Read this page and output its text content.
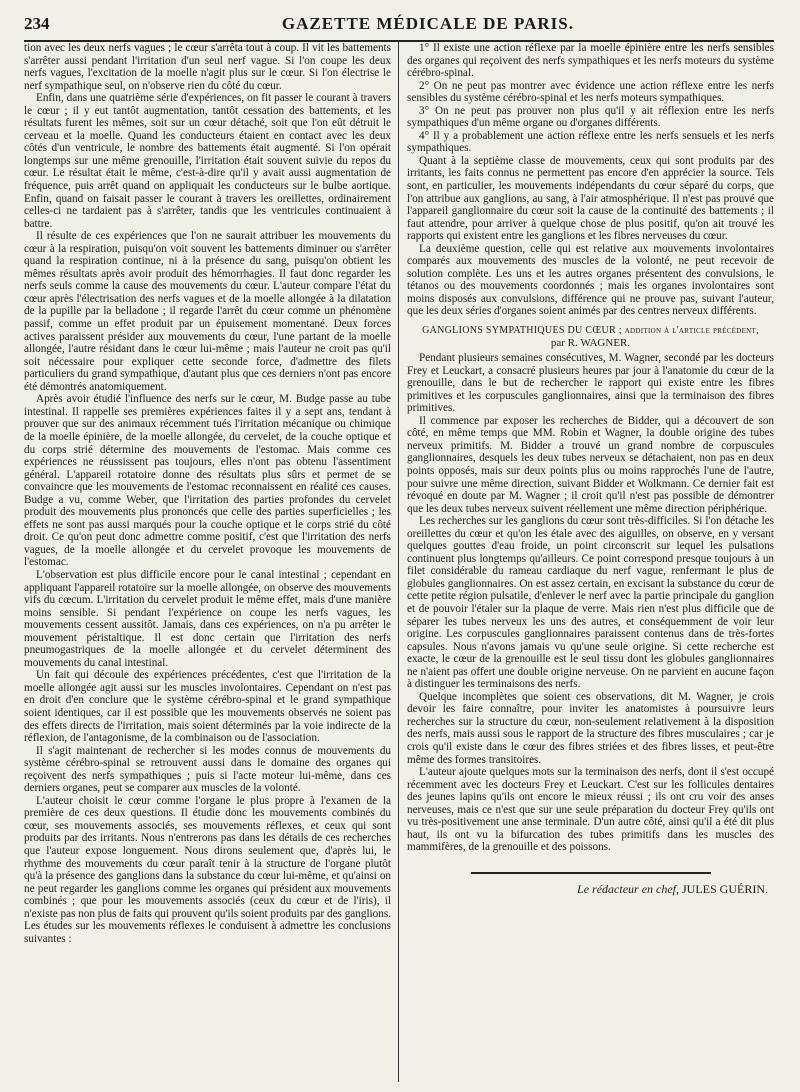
234	GAZETTE MÉDICALE DE PARIS.

tion avec les deux nerfs vagues ; le cœur s'arrêta tout à coup. Il vit les battements s'arrêter aussi pendant l'irritation d'un seul nerf vague. Si l'on coupe les deux nerfs vagues, l'excitation de la moelle n'agit plus sur le cœur. Si l'on électrise le nerf sympathique seul, on n'observe rien du côté du cœur.

Enfin, dans une quatrième série d'expériences, on fit passer le courant à travers le cœur ; il y eut tantôt augmentation, tantôt cessation des battements, et les résultats furent les mêmes, soit sur un cœur détaché, soit que l'on eût détruit le cerveau et la moelle. Quand les conducteurs étaient en contact avec les deux côtés d'un ventricule, le nombre des battements était augmenté. Si l'on opérait longtemps sur une même grenouille, l'irritation était souvent suivie du repos du cœur. Le résultat était le même, c'est-à-dire qu'il y avait aussi augmentation de fréquence, puis arrêt quand on appliquait les conducteurs sur le bulbe aortique. Enfin, quand on faisait passer le courant à travers les oreillettes, ordinairement celles-ci ne tardaient pas à s'arrêter, tandis que les ventricules continuaient à battre.

Il résulte de ces expériences que l'on ne saurait attribuer les mouvements du cœur à la respiration, puisqu'on voit souvent les battements diminuer ou s'arrêter quand la respiration continue, ni à la présence du sang, puisqu'on obtient les mêmes résultats après avoir produit des hémorrhagies. Il faut donc regarder les nerfs seuls comme la cause des mouvements du cœur. L'auteur compare l'état du cœur après l'électrisation des nerfs vagues et de la moelle allongée à la dilatation de la pupille par la belladone ; il regarde l'arrêt du cœur comme un phénomène passif, comme un effet produit par un épuisement momentané. Deux forces actives paraissent présider aux mouvements du cœur, l'une partant de la moelle allongée, l'autre résidant dans le cœur lui-même ; mais l'auteur ne croit pas qu'il soit nécessaire pour expliquer cette seconde force, d'admettre des filets particuliers du grand sympathique, d'autant plus que ces derniers n'ont pas encore été démontrés anatomiquement.

Après avoir étudié l'influence des nerfs sur le cœur, M. Budge passe au tube intestinal. Il rappelle ses premières expériences faites il y a sept ans, tendant à prouver que sur des animaux récemment tués l'irritation mécanique ou chimique de la moelle épinière, de la moelle allongée, du cervelet, de la couche optique et du corps strié détermine des mouvements de l'estomac. Mais comme ces expériences ne réussissent pas toujours, elles n'ont pas obtenu l'assentiment général. L'appareil rotatoire donne des résultats plus sûrs et permet de se convaincre que les mouvements de l'estomac reconnaissent en réalité ces causes. Budge a vu, comme Weber, que l'irritation des parties profondes du cervelet produit des mouvements plus prononcés que celle des parties superficielles ; les effets ne sont pas aussi marqués pour la couche optique et le corps strié du côté droit. Ce qu'on peut donc admettre comme positif, c'est que l'irritation des nerfs vagues, de la moelle allongée et du cervelet provoque les mouvements de l'estomac.

L'observation est plus difficile encore pour le canal intestinal ; cependant en appliquant l'appareil rotatoire sur la moelle allongée, on observe des mouvements vifs du cœcum. L'irritation du cervelet produit le même effet, mais d'une manière moins sensible. Si pendant l'expérience on coupe les nerfs vagues, les mouvements cessent aussitôt. Jamais, dans ces expériences, on n'a pu arrêter le mouvement péristaltique. Il est donc certain que l'irritation des nerfs pneumogastriques de la moelle allongée et du cervelet déterminent des mouvements du canal intestinal.

Un fait qui découle des expériences précédentes, c'est que l'irritation de la moelle allongée agit aussi sur les muscles involontaires. Cependant on n'est pas en droit d'en conclure que le système cérébro-spinal et le grand sympathique soient identiques, car il est possible que les mouvements observés ne soient pas des effets directs de l'irritation, mais soient déterminés par la voie indirecte de la réflexion, de l'antagonisme, de la combinaison ou de l'association.

Il s'agit maintenant de rechercher si les modes connus de mouvements du système cérébro-spinal se retrouvent aussi dans le domaine des organes qui reçoivent des nerfs sympathiques ; puis si l'acte moteur lui-même, dans ces derniers organes, peut se comparer aux muscles de la volonté.

L'auteur choisit le cœur comme l'organe le plus propre à l'examen de la première de ces deux questions. Il étudie donc les mouvements combinés du cœur, ses mouvements associés, ses mouvements réflexes, et ceux qui sont produits par des irritants. Nous n'entrerons pas dans les détails de ces recherches que l'auteur expose longuement. Nous dirons seulement que, d'après lui, le rhythme des mouvements du cœur paraît tenir à la structure de l'organe plutôt qu'à la présence des ganglions dans la substance du cœur lui-même, et qu'ainsi on ne peut regarder les ganglions comme les organes qui président aux mouvements combinés ; que pour les mouvements associés (ceux du cœur et de l'iris), il n'existe pas non plus de faits qui prouvent qu'ils soient produits par des ganglions. Les études sur les mouvements réflexes le conduisent à admettre les conclusions suivantes :

1° Il existe une action réflexe par la moelle épinière entre les nerfs sensibles des organes qui reçoivent des nerfs sympathiques et les nerfs moteurs du système cérébro-spinal.

2° On ne peut pas montrer avec évidence une action réflexe entre les nerfs sensibles du système cérébro-spinal et les nerfs moteurs sympathiques.

3° On ne peut pas prouver non plus qu'il y ait réflexion entre les nerfs sympathiques d'un même organe ou d'organes différents.

4° Il y a probablement une action réflexe entre les nerfs sensuels et les nerfs sympathiques.

Quant à la septième classe de mouvements, ceux qui sont produits par des irritants, les faits connus ne permettent pas encore d'en apprécier la source. Tels sont, en particulier, les mouvements indépendants du cœur séparé du corps, que l'on attribue aux ganglions, au sang, à l'air atmosphérique. Il n'est pas prouvé que l'appareil ganglionnaire du cœur soit la cause de la continuité des battements ; il faut attendre, pour arriver à quelque chose de plus positif, qu'on ait trouvé les rapports qui existent entre les ganglions et les fibres nerveuses du cœur.

La deuxième question, celle qui est relative aux mouvements involontaires comparés aux mouvements des muscles de la volonté, ne peut recevoir de solution complète. Les uns et les autres organes présentent des convulsions, le tétanos ou des mouvements coordonnés ; mais les organes involontaires sont moins disposés aux convulsions, différence qui ne prouve pas, suivant l'auteur, que les deux séries d'organes soient animés par des centres nerveux différents.

GANGLIONS SYMPATHIQUES DU CŒUR ; addition à l'article précédent,
par R. WAGNER.

Pendant plusieurs semaines consécutives, M. Wagner, secondé par les docteurs Frey et Leuckart, a consacré plusieurs heures par jour à l'anatomie du cœur de la grenouille, dans le but de rechercher le rapport qui existe entre les fibres primitives et les corpuscules ganglionnaires, ainsi que la terminaison des fibres primitives.

Il commence par exposer les recherches de Bidder, qui a découvert de son côté, en même temps que MM. Robin et Wagner, la double origine des tubes nerveux primitifs. M. Bidder a trouvé un grand nombre de corpuscules ganglionnaires, desquels les deux tubes nerveux se détachaient, non pas en deux points opposés, mais sur deux points plus ou moins rapprochés l'une de l'autre, pour suivre une même direction, suivant Bidder et Wolkmann. Ce dernier fait est révoqué en doute par M. Wagner ; il croit qu'il n'est pas possible de démontrer que les deux tubes nerveux suivent réellement une même direction périphérique.

Les recherches sur les ganglions du cœur sont très-difficiles. Si l'on détache les oreillettes du cœur et qu'on les étale avec des aiguilles, on observe, en y versant quelques gouttes d'eau froide, un point circonscrit sur lequel les pulsations continuent plus longtemps qu'ailleurs. Ce point correspond presque toujours à un filet considérable du rameau cardiaque du nerf vague, renfermant le plus de globules ganglionnaires. On est assez certain, en excisant la substance du cœur de cette petite région pulsatile, d'enlever le nerf avec la partie principale du ganglion et de pouvoir l'étaler sur la plaque de verre. Mais rien n'est plus difficile que de séparer les tubes nerveux les uns des autres, et conséquemment de voir leur origine. Les corpuscules ganglionnaires paraissent contenus dans de très-fortes capsules. Nous n'avons jamais vu qu'une seule origine. Si cette recherche est exacte, le cœur de la grenouille est le seul tissu dont les globules ganglionnaires ne n'aient pas offert une double origine nerveuse. On ne parvient en aucune façon à distinguer les terminaisons des nerfs.

Quelque incomplètes que soient ces observations, dit M. Wagner, je crois devoir les faire connaître, pour inviter les anatomistes à poursuivre leurs recherches sur la structure du cœur, non-seulement relativement à la disposition des nerfs, mais aussi sous le rapport de la structure des fibres musculaires ; car je crois qu'il existe dans le cœur des fibres striées et des fibres lisses, et peut-être même des formes transitoires.

L'auteur ajoute quelques mots sur la terminaison des nerfs, dont il s'est occupé récemment avec les docteurs Frey et Leuckart. C'est sur les follicules dentaires des jeunes lapins qu'ils ont encore le mieux réussi ; ils ont cru voir des anses nerveuses, mais ce n'est que sur une seule préparation du docteur Frey qu'ils ont vu très-positivement une anse terminale. D'un autre côté, ainsi qu'il a été dit plus haut, ils ont vu la bifurcation des tubes primitifs dans les muscles des mammifères, de la grenouille et des poissons.

Le rédacteur en chef, JULES GUÉRIN.
